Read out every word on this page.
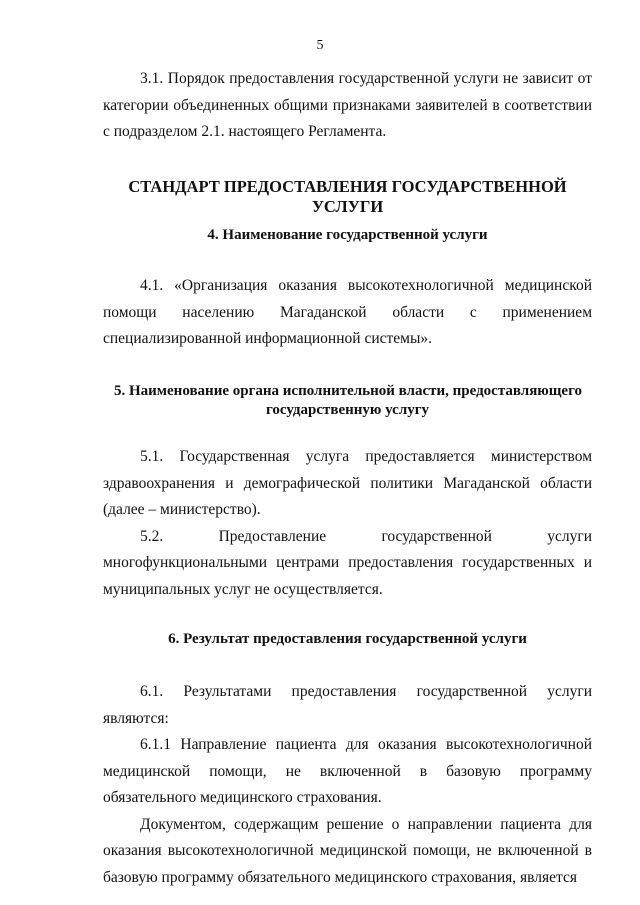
5

3.1. Порядок предоставления государственной услуги не зависит от категории объединенных общими признаками заявителей в соответствии с подразделом 2.1. настоящего Регламента.

СТАНДАРТ ПРЕДОСТАВЛЕНИЯ ГОСУДАРСТВЕННОЙ УСЛУГИ
4. Наименование государственной услуги

4.1. «Организация оказания высокотехнологичной медицинской помощи населению Магаданской области с применением специализированной информационной системы».

5. Наименование органа исполнительной власти, предоставляющего
государственную услугу

5.1. Государственная услуга предоставляется министерством здравоохранения и демографической политики Магаданской области (далее – министерство).

5.2. Предоставление государственной услуги многофункциональными центрами предоставления государственных и муниципальных услуг не осуществляется.

6. Результат предоставления государственной услуги

6.1. Результатами предоставления государственной услуги являются:

6.1.1 Направление пациента для оказания высокотехнологичной медицинской помощи, не включенной в базовую программу обязательного медицинского страхования.

Документом, содержащим решение о направлении пациента для оказания высокотехнологичной медицинской помощи, не включенной в базовую программу обязательного медицинского страхования, является
